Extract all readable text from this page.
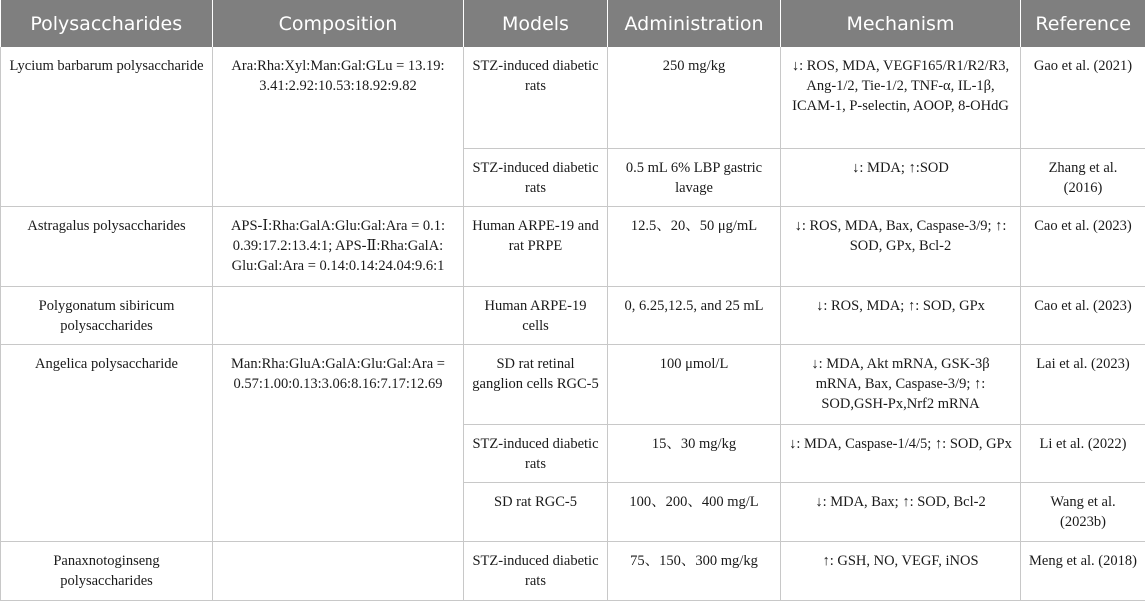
Polysaccharides	Composition	Models	Administration	Mechanism	Reference
Lycium barbarum polysaccharide	Ara:Rha:Xyl:Man:Gal:GLu = 13.19: 3.41:2.92:10.53:18.92:9.82	STZ-induced diabetic rats	250 mg/kg	↓: ROS, MDA, VEGF165/R1/R2/R3, Ang-1/2, Tie-1/2, TNF-α, IL-1β, ICAM-1, P-selectin, AOOP, 8-OHdG	Gao et al. (2021)
		STZ-induced diabetic rats	0.5 mL 6% LBP gastric lavage	↓: MDA; ↑:SOD	Zhang et al. (2016)
Astragalus polysaccharides	APS-Ⅰ:Rha:GalA:Glu:Gal:Ara = 0.1: 0.39:17.2:13.4:1; APS-Ⅱ:Rha:GalA: Glu:Gal:Ara = 0.14:0.14:24.04:9.6:1	Human ARPE-19 and rat PRPE	12.5、20、50 μg/mL	↓: ROS, MDA, Bax, Caspase-3/9; ↑: SOD, GPx, Bcl-2	Cao et al. (2023)
Polygonatum sibiricum polysaccharides		Human ARPE-19 cells	0, 6.25,12.5, and 25 mL	↓: ROS, MDA; ↑: SOD, GPx	Cao et al. (2023)
Angelica polysaccharide	Man:Rha:GluA:GalA:Glu:Gal:Ara = 0.57:1.00:0.13:3.06:8.16:7.17:12.69	SD rat retinal ganglion cells RGC-5	100 μmol/L	↓: MDA, Akt mRNA, GSK-3β mRNA, Bax, Caspase-3/9; ↑: SOD,GSH-Px,Nrf2 mRNA	Lai et al. (2023)
		STZ-induced diabetic rats	15、30 mg/kg	↓: MDA, Caspase-1/4/5; ↑: SOD, GPx	Li et al. (2022)
		SD rat RGC-5	100、200、400 mg/L	↓: MDA, Bax; ↑: SOD, Bcl-2	Wang et al. (2023b)
Panaxnotoginseng polysaccharides		STZ-induced diabetic rats	75、150、300 mg/kg	↑: GSH, NO, VEGF, iNOS	Meng et al. (2018)
